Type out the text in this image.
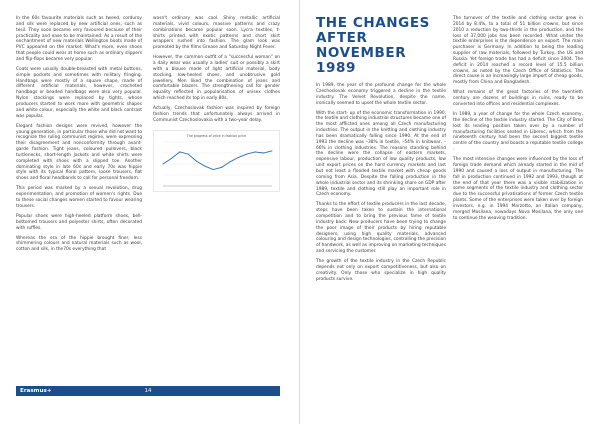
In the 60s favourite materials such as tweed, corduroy and silk were replaced by new artificial ones, such as tesil. They soon became very favoured because of their practicality and ease to be maintained. As a result of the enchantment of new materials Wellington boots made of PVC appeared on the market. What's more, even shoes that people could wear at home such as ordinary slippers and flip-flops became very popular.

Coats were usually double-breasted with metal buttons, simple pockets and sometimes with military fringing. Handbags were mostly of a square shape, made of different artificial materials, however, crocheted handbags or beaded handbags were also very popular. Nylon stockings were replaced by tights, whose producers started to work more with geometric shapes and white colour, especially the white and black contrast was popular.

Elegant fashion designs were revived, however the young generation, in particular those who did not want to recognize the ruling communist regime, were expressing their disagreement and nonconformity through avant-garde fashion. Tight jeans, coloured pullovers, black turtlenecks, short-length jackets and white shirts were completed with shoes with a slipped toe. Another dominating style in late 60s and early 70s was hippie style with its typical floral pattern, loose trousers, flat shoes and floral headbands to call for personal freedom.

This period was marked by a sexual revolution, drug experimentation, and promotion of women's rights. Due to these social changes women started to favour wearing trousers.

Popular shoes were high-heeled platform shoes, bell-bottomed trousers and polyester shirts, often decorated with ruffles.

Whereas the era of the hippie brought finer, less shimmering colours and natural materials such as wool, cotton and silk, in the70s everything that

wasn't ordinary was cool. Shiny metallic artificial materials, vivid colours, massive patterns and crazy combinations became popular soon. Lycra textiles, t-shirts printed with exotic patterns and short skirt wrappers rushed into fashion. The glam look was promoted by the films Grease and Saturday Night Fever.

However, the common outfit of a "successful woman" on a daily wear was usually a ladies' suit or possibly a skirt with a blouse made of light artificial material, body stocking, low-heeled shoes, and unobtrusive gold jewellery. Men liked the combination of jeans and comfortable blazers. The strengthening call for gender equality reflected in popularisation of unisex clothes which reached its top in early 80s.

Actually, Czechoslovak fashion was inspired by foreign fashion trends that unfortunately always arrived in Communist Czechoslovakia with a two-year delay.

The progress of price in fashion price
Erasmus+	14
THE CHANGES AFTER NOVEMBER 1989

In 1989, the year of the profound change for the whole Czechoslovak economy triggered a decline in the textile industry. The Velvet Revolution, despite the name, ironically seemed to upset the whole textile sector.

With the start- up of the economic transformation in 1990, the textile and clothing industrial structures became one of the most afflicted ones among all Czech manufacturing industries. The output in the knitting and clothing industry has been dramatically falling since 1990. At the end of 1993 the decline was –38% in textile, –54% in knitwear, –66% in clothing industries. The reasons standing behind the decline were the collapse of eastern markets, expensive labour, production of low quality products, low unit export prices on the hard currency markets and last but not least a flooded textile market with cheap goods coming from Asia. Despite the falling production in the whole industrial sector and its shrinking share on GDP after 1989, textile and clothing still play an important role in Czech economy.

Thanks to the effort of textile producers in the last decade, steps have been taken to sustain the international competition and to bring the previous fame of textile industry back. New producers have been trying to change the poor image of their products by hiring reputable designers, using high quality materials, advanced colouring and design technologies, controlling the precision of handwork, as well as improving on marketing techniques and servicing the customer.

The growth of the textile industry in the Czech Republic depends not only on export competitiveness, but also on creativity. Only those who specialize in high quality products survive.

The turnover of the textile and clothing sector grew in 2014 by 8.4%, to a total of 51 billion crowns, but since 2010 a reduction by two-thirds in the production, and the loss of 37,000 jobs has been recorded. What unites the textile enterprises is the dependence on export. The main purchaser is Germany. In addition to being the leading supplier of raw materials, followed by Turkey, the US and Russia. Yet foreign trade has had a deficit since 2004. The deficit in 2014 reached a record level of 15.5 billion crowns, as noted by the Czech Office of Statistics. The direct cause is an increasingly large import of cheap goods, mostly from China and Bangladesh.

What remains of the great factories of the twentieth century are dozens of buildings in ruins, ready to be converted into offices and residential complexes.

In 1989, a year of change for the whole Czech economy, the decline of the textile industry started. The City of Brno lost its leading position taken over by a number of manufacturing facilities seated in Liberec, which from the nineteenth century had been the second biggest textile centre of the country and boasts a reputable textile college .

The most intensive changes were influenced by the loss of foreign trade demand which already started in the mid of 1990 and caused a loss of output in manufacturing. The fall in production continued in 1992 and 1993, though at the end of that year there was a visible stabilization in some segments of the textile industry and clothing sector due to the successful privatisations of former Czech textile plants. Some of the enterprises were taken over by foreign investors, e.g. in 1994 Marzotto, an Italian company, merged Mosilana, nowadays Nova Mosilana, the only one to continue the weaving tradition.
